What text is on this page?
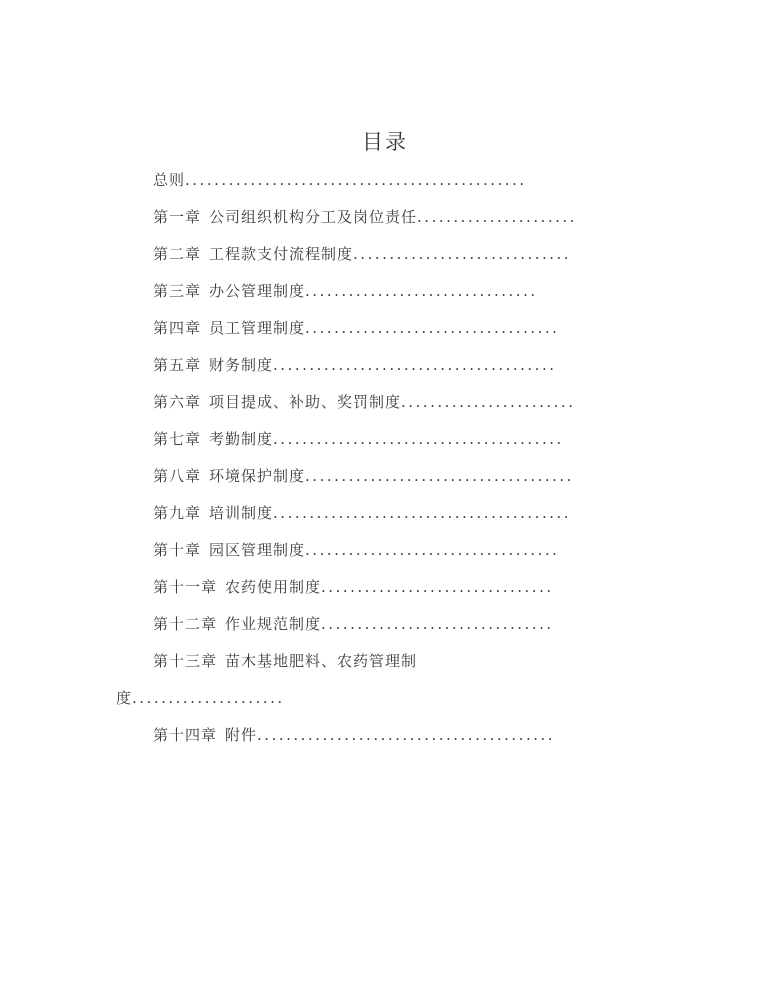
目录
总则...............................................
第一章 公司组织机构分工及岗位责任......................
第二章 工程款支付流程制度..............................
第三章 办公管理制度................................
第四章 员工管理制度...................................
第五章 财务制度.......................................
第六章 项目提成、补助、奖罚制度........................
第七章 考勤制度........................................
第八章 环境保护制度.....................................
第九章 培训制度.........................................
第十章 园区管理制度...................................
第十一章 农药使用制度................................
第十二章 作业规范制度................................
第十三章 苗木基地肥料、农药管理制
度.....................
第十四章 附件.........................................
